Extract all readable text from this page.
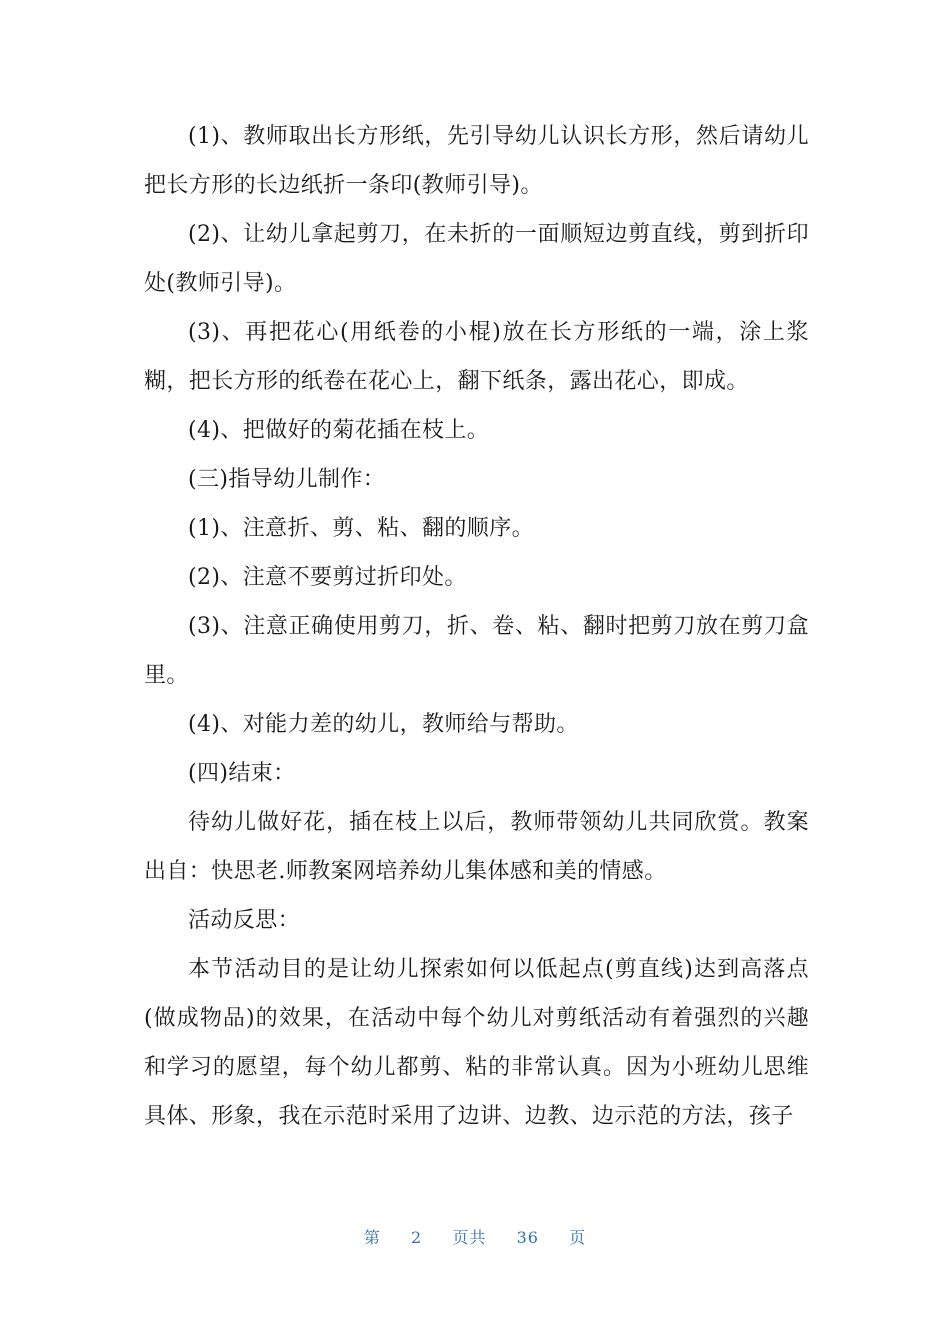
(1)、教师取出长方形纸，先引导幼儿认识长方形，然后请幼儿把长方形的长边纸折一条印(教师引导)。

(2)、让幼儿拿起剪刀，在未折的一面顺短边剪直线，剪到折印处(教师引导)。

(3)、再把花心(用纸卷的小棍)放在长方形纸的一端，涂上浆糊，把长方形的纸卷在花心上，翻下纸条，露出花心，即成。

(4)、把做好的菊花插在枝上。

(三)指导幼儿制作：

(1)、注意折、剪、粘、翻的顺序。

(2)、注意不要剪过折印处。

(3)、注意正确使用剪刀，折、卷、粘、翻时把剪刀放在剪刀盒里。

(4)、对能力差的幼儿，教师给与帮助。

(四)结束：

待幼儿做好花，插在枝上以后，教师带领幼儿共同欣赏。教案出自：快思老.师教案网培养幼儿集体感和美的情感。

活动反思：

本节活动目的是让幼儿探索如何以低起点(剪直线)达到高落点(做成物品)的效果，在活动中每个幼儿对剪纸活动有着强烈的兴趣和学习的愿望，每个幼儿都剪、粘的非常认真。因为小班幼儿思维具体、形象，我在示范时采用了边讲、边教、边示范的方法，孩子

第 2 页共 36 页
